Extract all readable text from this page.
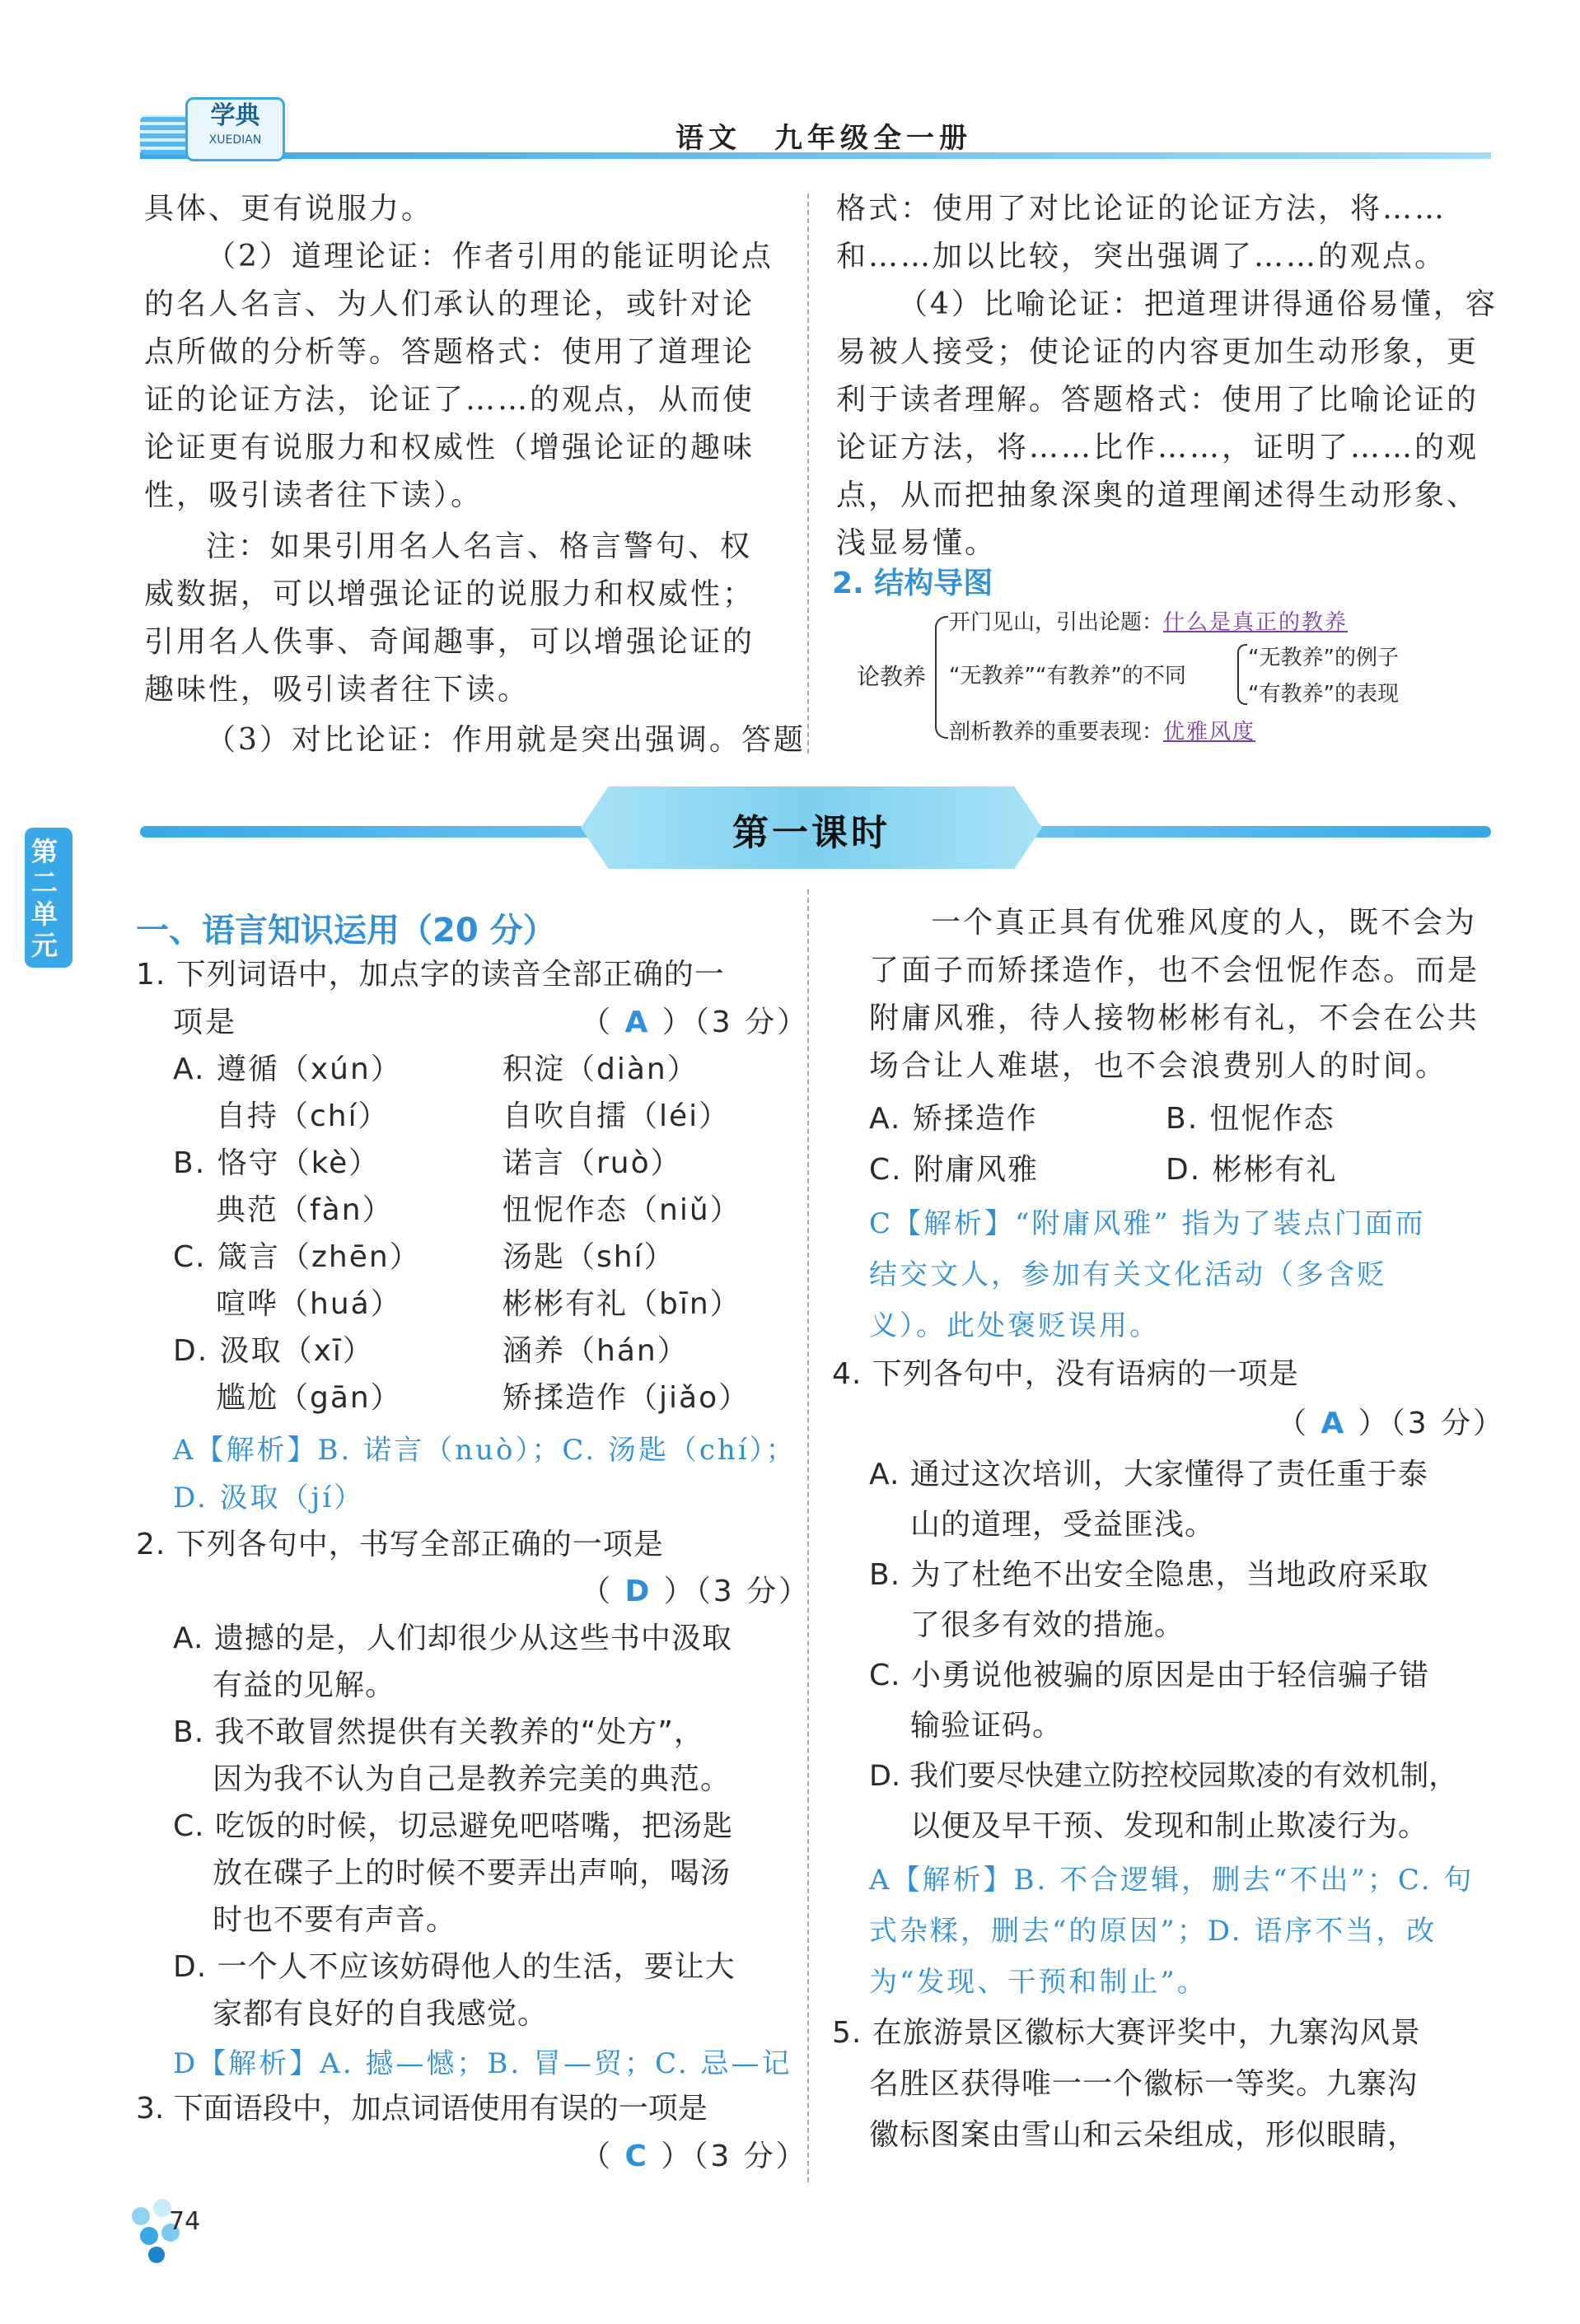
学典
XUEDIAN	语文　九年级全一册
具体、更有说服力。
（2）道理论证：作者引用的能证明论点
的名人名言、为人们承认的理论，或针对论
点所做的分析等。答题格式：使用了道理论
证的论证方法，论证了……的观点，从而使
论证更有说服力和权威性（增强论证的趣味
性，吸引读者往下读）。
注：如果引用名人名言、格言警句、权
威数据，可以增强论证的说服力和权威性；
引用名人佚事、奇闻趣事，可以增强论证的
趣味性，吸引读者往下读。
（3）对比论证：作用就是突出强调。答题
格式：使用了对比论证的论证方法，将……
和……加以比较，突出强调了……的观点。
（4）比喻论证：把道理讲得通俗易懂，容
易被人接受；使论证的内容更加生动形象，更
利于读者理解。答题格式：使用了比喻论证的
论证方法，将……比作……，证明了……的观
点，从而把抽象深奥的道理阐述得生动形象、
浅显易懂。
2. 结构导图
论教养
开门见山，引出论题：什么是真正的教养
“无教养”“有教养”的不同
“无教养”的例子
“有教养”的表现
剖析教养的重要表现：优雅风度
第一课时
第二单元 一、语言知识运用（20 分）
1. 下列词语中，加点字的读音全部正确的一
项是	（ A ）（3 分）
A. 遵循（xún）	积淀（diàn）
自持（chí）	自吹自擂（léi）
B. 恪守（kè）	诺言（ruò）
典范（fàn）	忸怩作态（niǔ）
C. 箴言（zhēn）	汤匙（shí）
喧哗（huá）	彬彬有礼（bīn）
D. 汲取（xī）	涵养（hán）
尴尬（gān）	矫揉造作（jiǎo）
A【解析】B. 诺言（nuò）；C. 汤匙（chí）；
D. 汲取（jí）
2. 下列各句中，书写全部正确的一项是
（ D ）（3 分）
A. 遗撼的是，人们却很少从这些书中汲取
有益的见解。
B. 我不敢冒然提供有关教养的“处方”，
因为我不认为自己是教养完美的典范。
C. 吃饭的时候，切忌避免吧嗒嘴，把汤匙
放在碟子上的时候不要弄出声响，喝汤
时也不要有声音。
D. 一个人不应该妨碍他人的生活，要让大
家都有良好的自我感觉。
D【解析】A. 撼—憾；B. 冒—贸；C. 忌—记
3. 下面语段中，加点词语使用有误的一项是
（ C ）（3 分）
一个真正具有优雅风度的人，既不会为
了面子而矫揉造作，也不会忸怩作态。而是
附庸风雅，待人接物彬彬有礼，不会在公共
场合让人难堪，也不会浪费别人的时间。
A. 矫揉造作	B. 忸怩作态
C. 附庸风雅	D. 彬彬有礼
C【解析】“附庸风雅” 指为了装点门面而
结交文人，参加有关文化活动（多含贬
义）。此处褒贬误用。
4. 下列各句中，没有语病的一项是
（ A ）（3 分）
A. 通过这次培训，大家懂得了责任重于泰
山的道理，受益匪浅。
B. 为了杜绝不出安全隐患，当地政府采取
了很多有效的措施。
C. 小勇说他被骗的原因是由于轻信骗子错
输验证码。
D. 我们要尽快建立防控校园欺凌的有效机制，
以便及早干预、发现和制止欺凌行为。
A【解析】B. 不合逻辑，删去“不出”；C. 句
式杂糅，删去“的原因”；D. 语序不当，改
为“发现、干预和制止”。
5. 在旅游景区徽标大赛评奖中，九寨沟风景
名胜区获得唯一一个徽标一等奖。九寨沟
徽标图案由雪山和云朵组成，形似眼睛，
74
